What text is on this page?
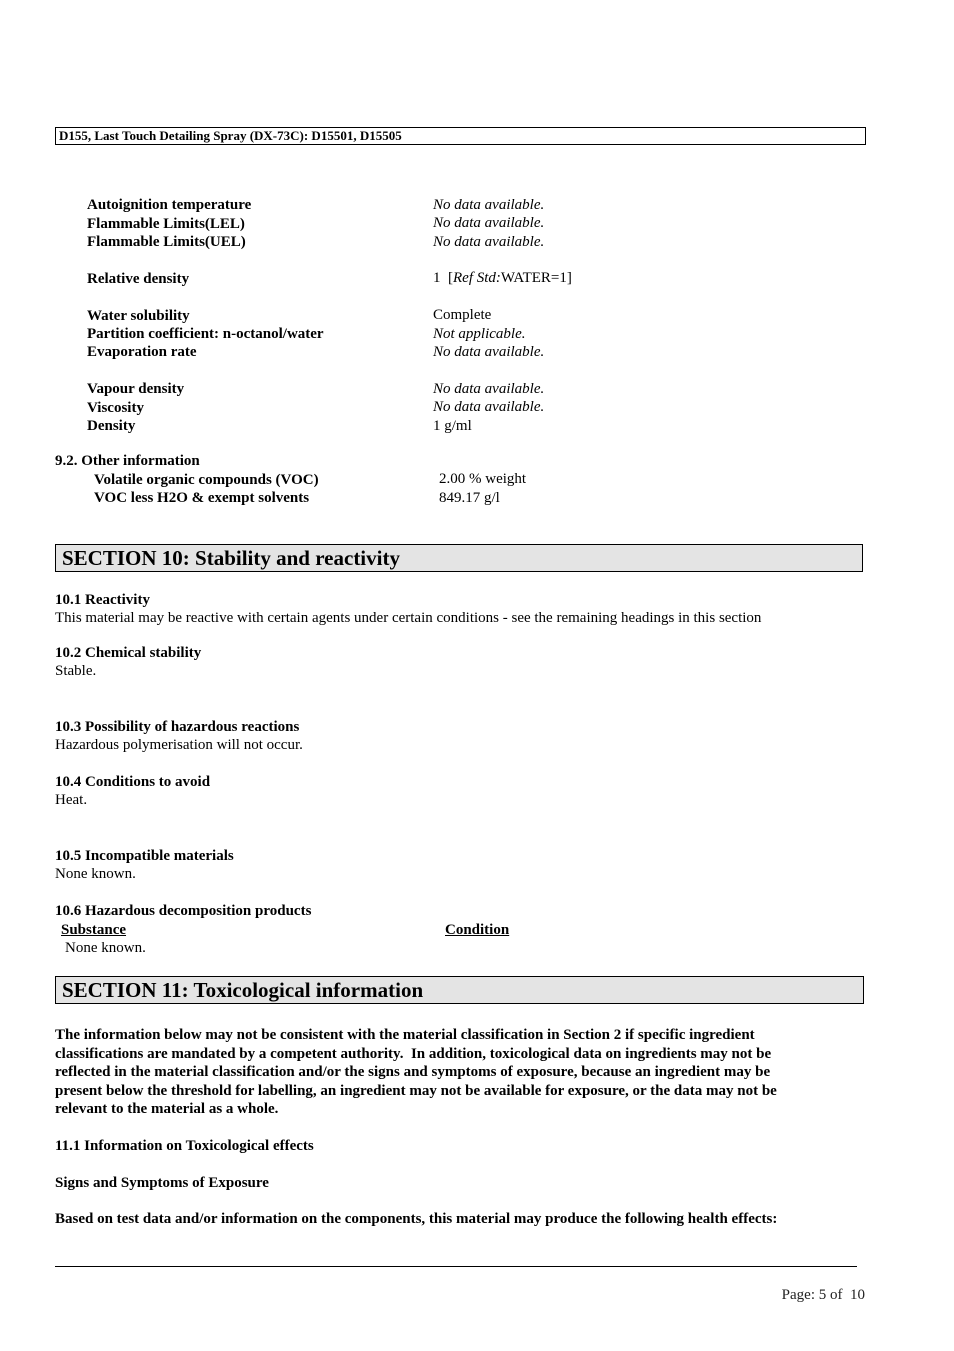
D155, Last Touch Detailing Spray (DX-73C): D15501, D15505
Autoignition temperature	No data available.
Flammable Limits(LEL)	No data available.
Flammable Limits(UEL)	No data available.
Relative density	1  [Ref Std:WATER=1]
Water solubility	Complete
Partition coefficient: n-octanol/water	Not applicable.
Evaporation rate	No data available.
Vapour density	No data available.
Viscosity	No data available.
Density	1 g/ml
9.2. Other information
Volatile organic compounds (VOC)	2.00 % weight
VOC less H2O & exempt solvents	849.17 g/l
SECTION 10: Stability and reactivity
10.1 Reactivity
This material may be reactive with certain agents under certain conditions - see the remaining headings in this section
10.2 Chemical stability
Stable.
10.3 Possibility of hazardous reactions
Hazardous polymerisation will not occur.
10.4 Conditions to avoid
Heat.
10.5 Incompatible materials
None known.
10.6 Hazardous decomposition products
Substance	Condition
None known.
SECTION 11: Toxicological information
The information below may not be consistent with the material classification in Section 2 if specific ingredient
classifications are mandated by a competent authority.  In addition, toxicological data on ingredients may not be
reflected in the material classification and/or the signs and symptoms of exposure, because an ingredient may be
present below the threshold for labelling, an ingredient may not be available for exposure, or the data may not be
relevant to the material as a whole.
11.1 Information on Toxicological effects
Signs and Symptoms of Exposure
Based on test data and/or information on the components, this material may produce the following health effects:
Page: 5 of  10
